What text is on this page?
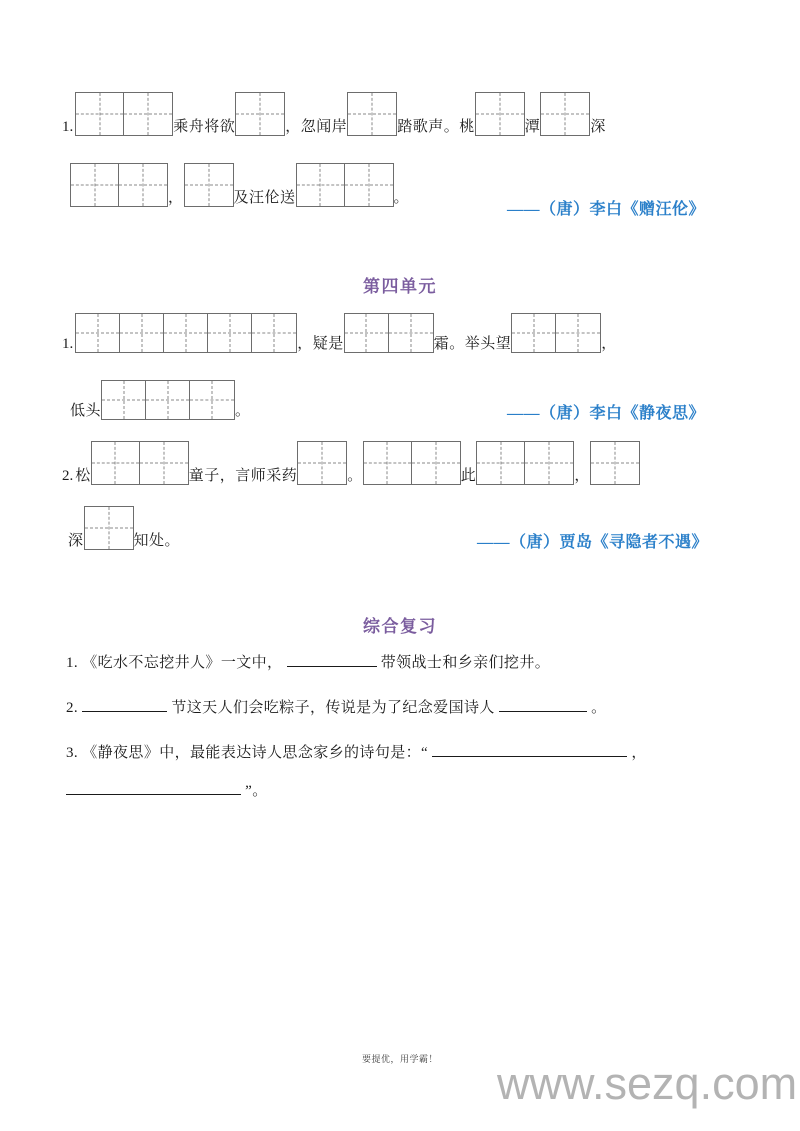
1.	乘舟将欲	，忽闻岸	踏歌声。桃	潭	深
，	及汪伦送	。
——（唐）李白《赠汪伦》
第四单元
1.	，疑是	霜。举头望	，
低头	。	——（唐）李白《静夜思》
2. 松	童子，言师采药	。	此	，
深	知处。	——（唐）贾岛《寻隐者不遇》
综合复习
1. 《吃水不忘挖井人》一文中，	带领战士和乡亲们挖井。
2.	节这天人们会吃粽子，传说是为了纪念爱国诗人	。
3. 《静夜思》中，最能表达诗人思念家乡的诗句是：“	，
”。
要提优，用学霸！	www.sezq.com
